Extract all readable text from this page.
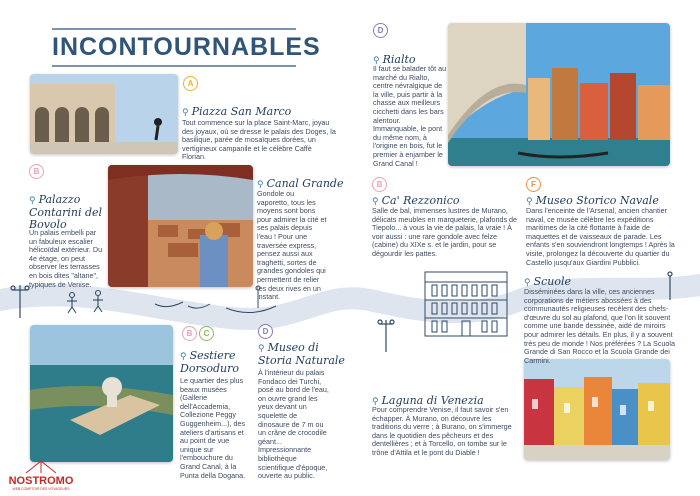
INCONTOURNABLES
A
⚲ Piazza San Marco
Tout commence sur la place Saint-Marc, joyau des joyaux, où se dresse le palais des Doges, la basilique, parée de mosaïques dorées, un vertigineux campanile et le célèbre Caffè Florian.
B
⚲ Palazzo Contarini del Bovolo
Un palais embelli par un fabuleux escalier hélicoïdal extérieur. Du 4e étage, on peut observer les terrasses en bois dites "altane", typiques de Venise.
⚲ Canal Grande
Gondole ou vaporetto, tous les moyens sont bons pour admirer la cité et ses palais depuis l'eau ! Pour une traversée express, pensez aussi aux traghetti, sortes de grandes gondoles qui permettent de relier les deux rives en un instant.
D
⚲ Rialto
Il faut se balader tôt au marché du Rialto, centre névralgique de la ville, puis partir à la chasse aux meilleurs cicchetti dans les bars alentour. Immanquable, le pont du même nom, à l'origine en bois, fut le premier à enjamber le Grand Canal !
B
⚲ Ca' Rezzonico
Salle de bal, immenses lustres de Murano, délicats meubles en marqueterie, plafonds de Tiepolo... à vous la vie de palais, la vraie ! À voir aussi : une rare gondole avec felze (cabine) du XIXe s. et le jardin, pour se dégourdir les pattes.
F
⚲ Museo Storico Navale
Dans l'enceinte de l'Arsenal, ancien chantier naval, ce musée célèbre les expéditions maritimes de la cité flottante à l'aide de maquettes et de vaisseaux de parade. Les enfants s'en souviendront longtemps ! Après la visite, prolongez la découverte du quartier du Castello jusqu'aux Giardini Pubblici.
⚲ Scuole
Disséminées dans la ville, ces anciennes corporations de métiers abossées à des communautés religieuses recèlent des chefs-d'œuvre du sol au plafond, que l'on lit souvent comme une bande dessinée, aidé de miroirs pour admirer les détails. En plus, il y a souvent très peu de monde ! Nos préférées ? La Scuola Grande di San Rocco et la Scuola Grande dei Carmini.
B	C
⚲ Sestiere Dorsoduro
Le quartier des plus beaux musées (Gallerie dell'Accademia, Collezione Peggy Guggenheim...), des ateliers d'artisans et au point de vue unique sur l'embouchure du Grand Canal, à la Punta della Dogana.
D
⚲ Museo di Storia Naturale
À l'intérieur du palais Fondaco dei Turchi, posé au bord de l'eau, on ouvre grand les yeux devant un squelette de dinosaure de 7 m ou un crâne de crocodile géant... Impressionnante bibliothèque scientifique d'époque, ouverte au public.
⚲ Laguna di Venezia
Pour comprendre Venise, il faut savoir s'en échapper. À Murano, on découvre les traditions du verre ; à Burano, on s'immerge dans le quotidien des pêcheurs et des dentellières ; et à Torcello, on tombe sur le trône d'Attila et le pont du Diable !
NOSTROMO
WEB COMPTOIR DES VOYAGEURS
